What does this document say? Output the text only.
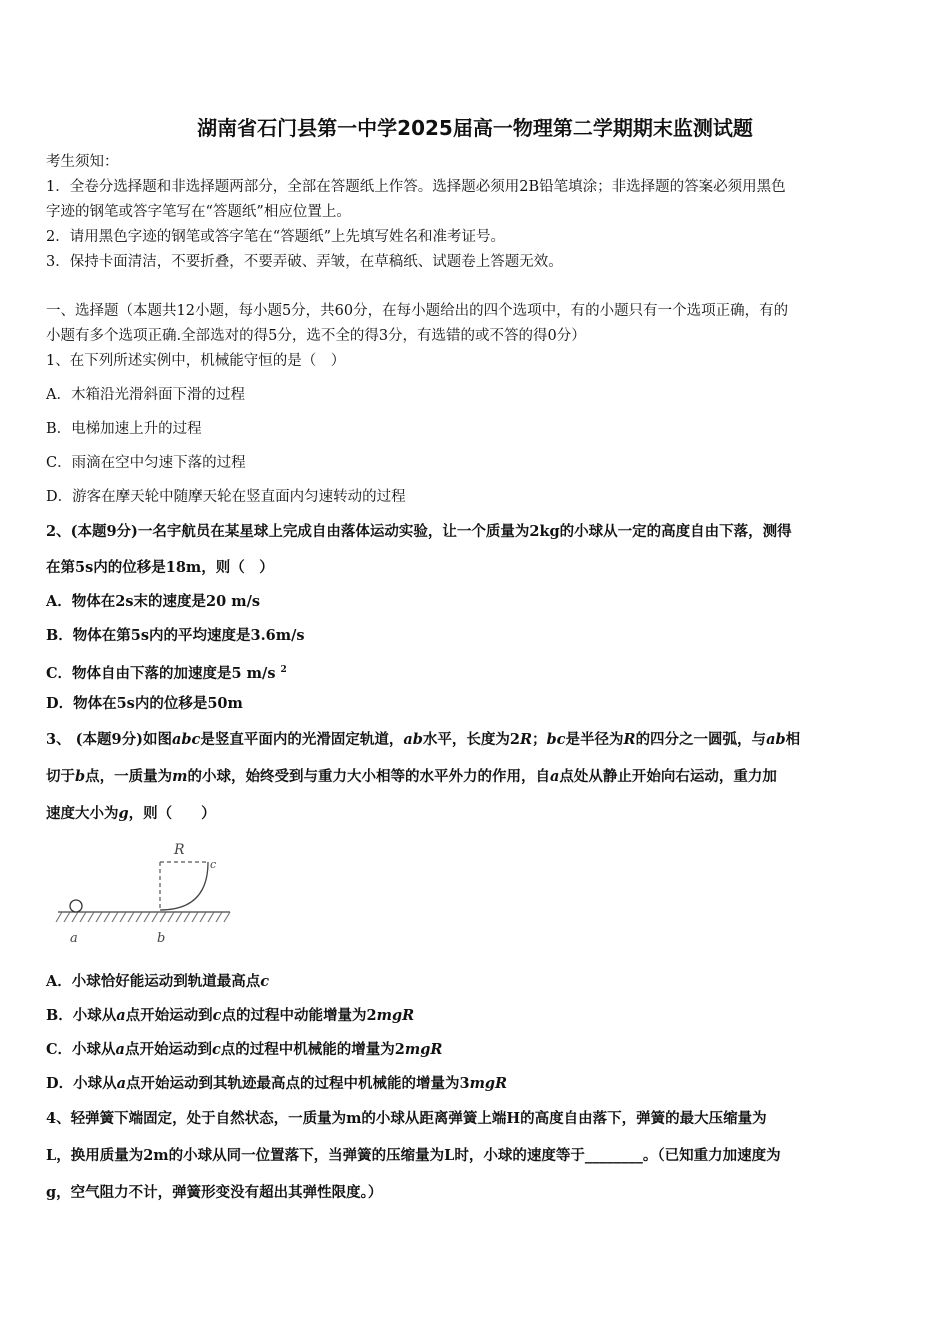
湖南省石门县第一中学2025届高一物理第二学期期末监测试题
考生须知：
1．全卷分选择题和非选择题两部分，全部在答题纸上作答。选择题必须用2B铅笔填涂；非选择题的答案必须用黑色
字迹的钢笔或答字笔写在“答题纸”相应位置上。
2．请用黑色字迹的钢笔或答字笔在“答题纸”上先填写姓名和准考证号。
3．保持卡面清洁，不要折叠，不要弄破、弄皱，在草稿纸、试题卷上答题无效。
一、选择题（本题共12小题，每小题5分，共60分，在每小题给出的四个选项中，有的小题只有一个选项正确，有的
小题有多个选项正确.全部选对的得5分，选不全的得3分，有选错的或不答的得0分）
1、在下列所述实例中，机械能守恒的是（　）
A．木箱沿光滑斜面下滑的过程
B．电梯加速上升的过程
C．雨滴在空中匀速下落的过程
D．游客在摩天轮中随摩天轮在竖直面内匀速转动的过程
2、(本题9分)一名宇航员在某星球上完成自由落体运动实验，让一个质量为2kg的小球从一定的高度自由下落，测得
在第5s内的位移是18m，则（　）
A．物体在2s末的速度是20 m/s
B．物体在第5s内的平均速度是3.6m/s
C．物体自由下落的加速度是5 m/s $^2$
D．物体在5s内的位移是50m
3、 (本题9分)如图abc是竖直平面内的光滑固定轨道，ab水平，长度为2R；bc是半径为R的四分之一圆弧，与ab相
切于b点，一质量为m的小球，始终受到与重力大小相等的水平外力的作用，自a点处从静止开始向右运动，重力加
速度大小为g，则（　　）
R
c
a	b
A．小球恰好能运动到轨道最高点c
B．小球从a点开始运动到c点的过程中动能增量为2mgR
C．小球从a点开始运动到c点的过程中机械能的增量为2mgR
D．小球从a点开始运动到其轨迹最高点的过程中机械能的增量为3mgR
4、轻弹簧下端固定，处于自然状态，一质量为m的小球从距离弹簧上端H的高度自由落下，弹簧的最大压缩量为
L，换用质量为2m的小球从同一位置落下，当弹簧的压缩量为L时，小球的速度等于________。（已知重力加速度为
g，空气阻力不计，弹簧形变没有超出其弹性限度。）
